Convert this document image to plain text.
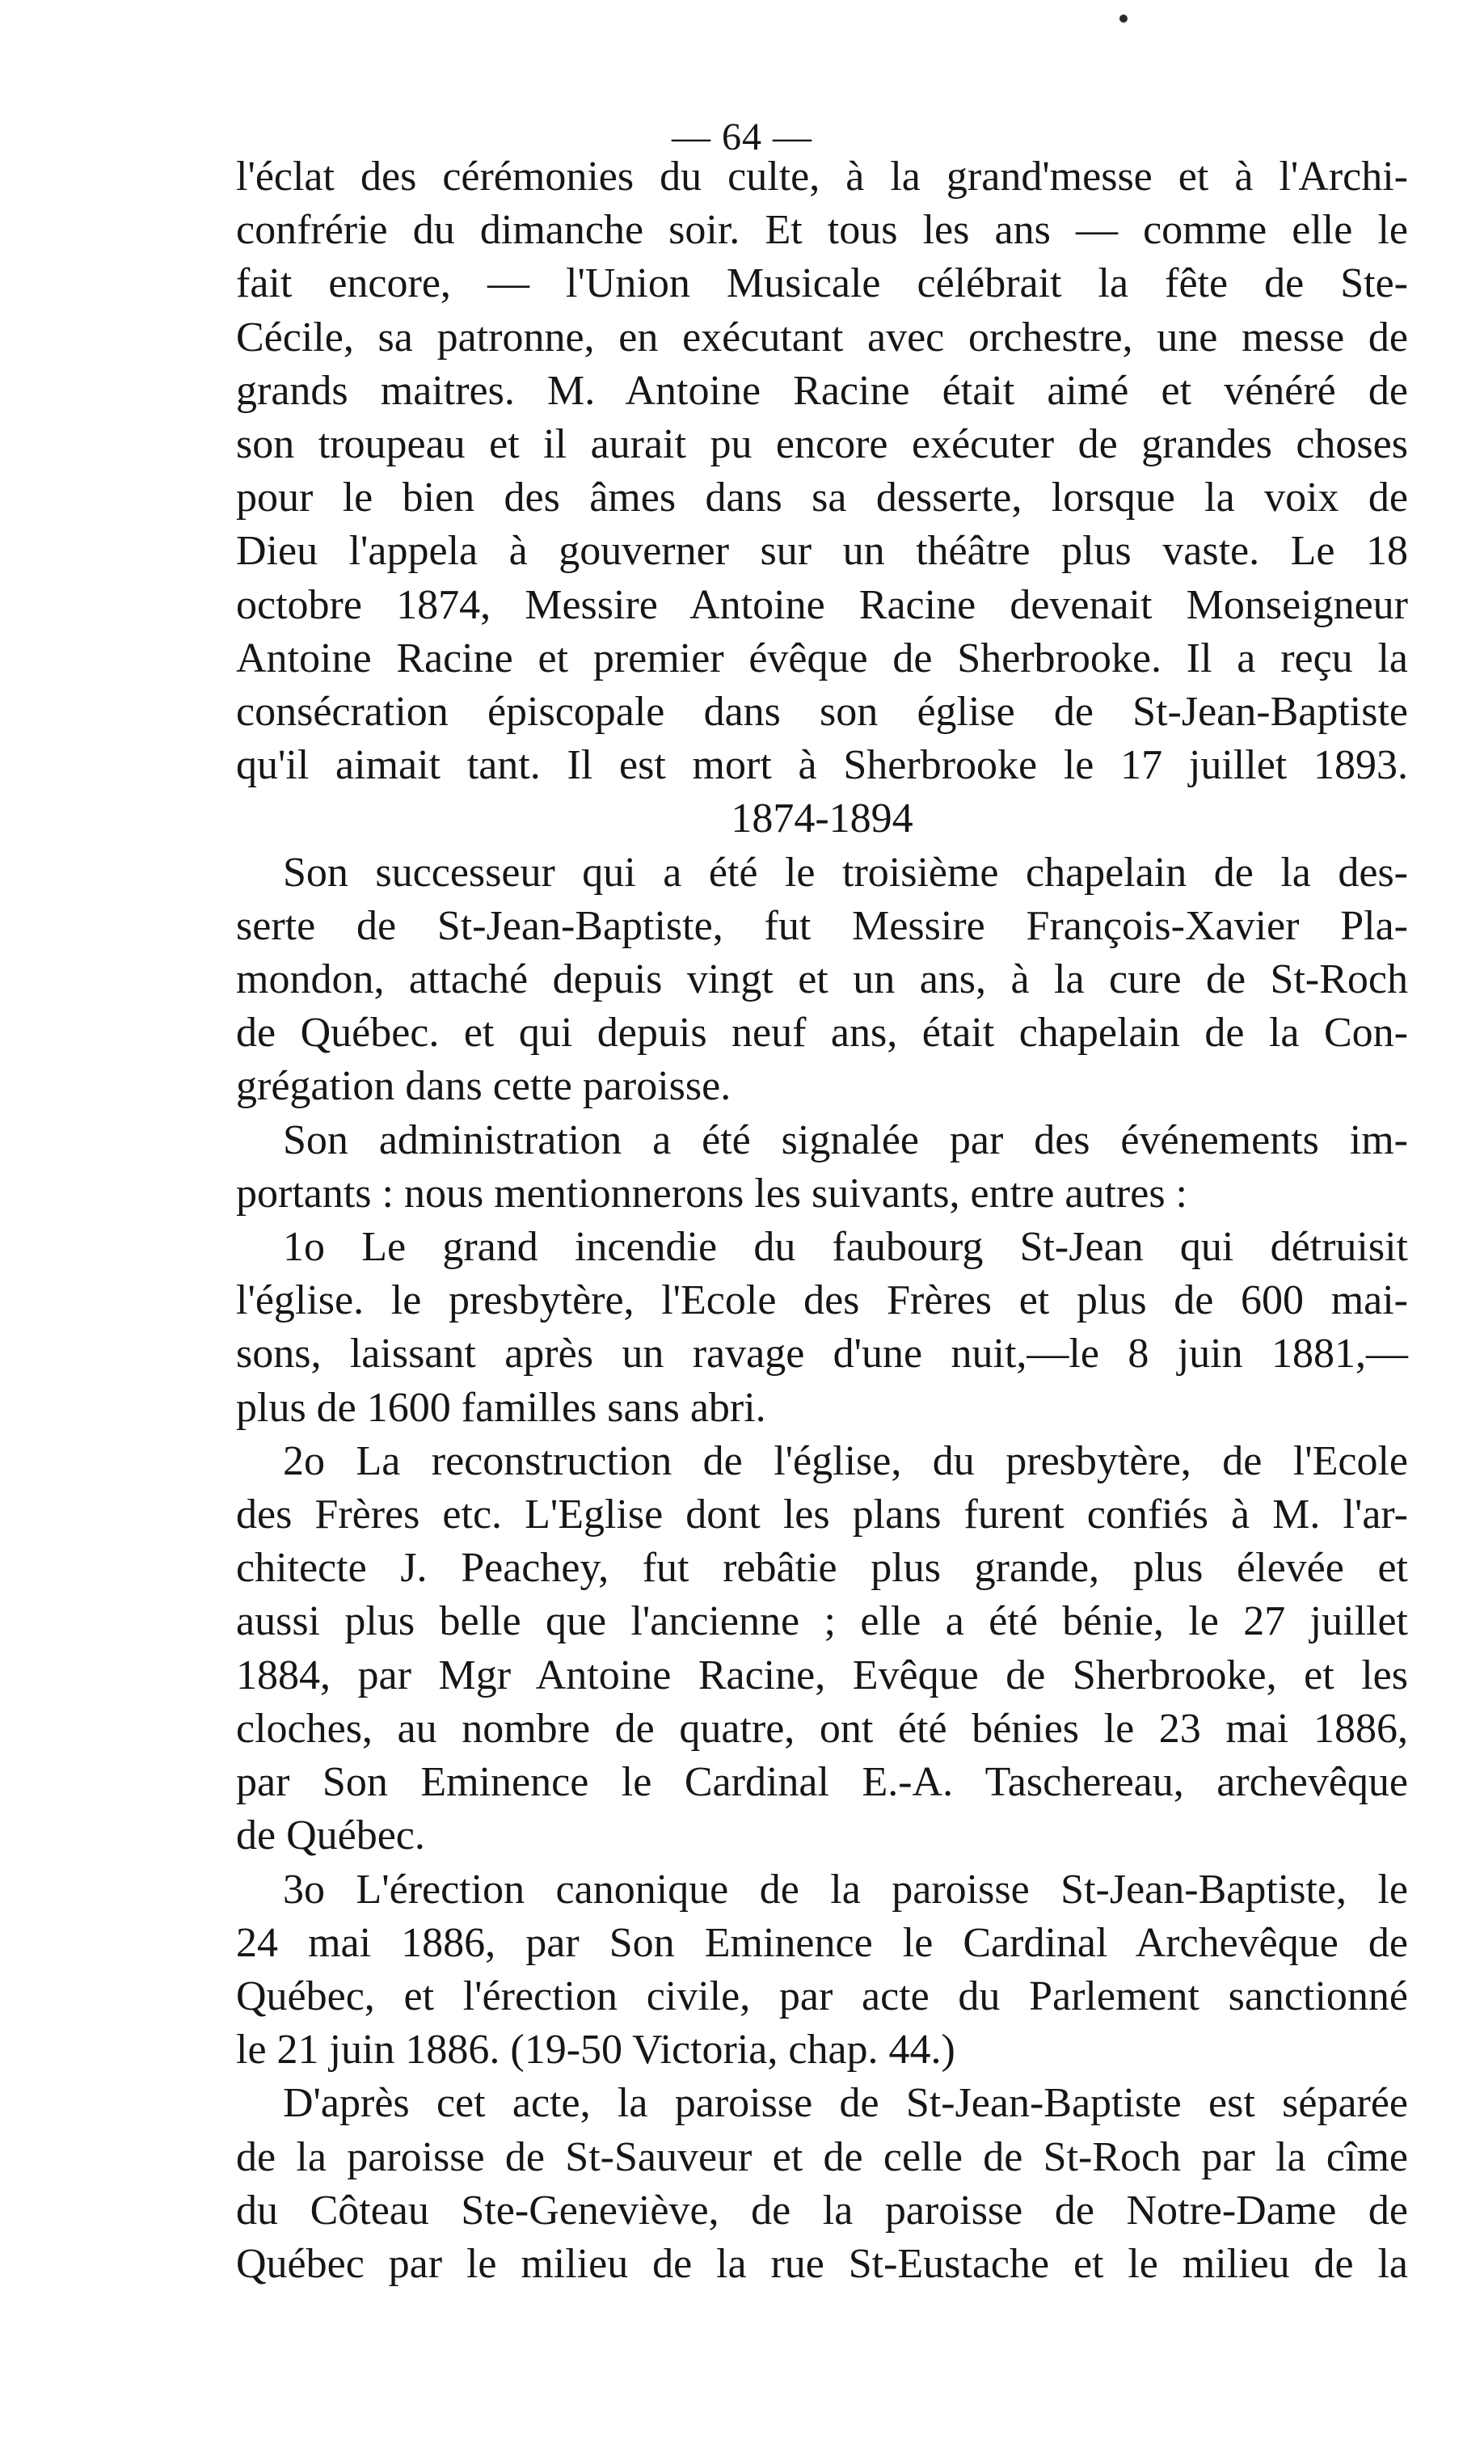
— 64 —
l'éclat des cérémonies du culte, à la grand'messe et à l'Archi-
confrérie du dimanche soir. Et tous les ans — comme elle le
fait encore, — l'Union Musicale célébrait la fête de Ste-
Cécile, sa patronne, en exécutant avec orchestre, une messe de
grands maitres. M. Antoine Racine était aimé et vénéré de
son troupeau et il aurait pu encore exécuter de grandes choses
pour le bien des âmes dans sa desserte, lorsque la voix de
Dieu l'appela à gouverner sur un théâtre plus vaste. Le 18
octobre 1874, Messire Antoine Racine devenait Monseigneur
Antoine Racine et premier évêque de Sherbrooke. Il a reçu la
consécration épiscopale dans son église de St-Jean-Baptiste
qu'il aimait tant. Il est mort à Sherbrooke le 17 juillet 1893.
1874-1894
Son successeur qui a été le troisième chapelain de la des-
serte de St-Jean-Baptiste, fut Messire François-Xavier Pla-
mondon, attaché depuis vingt et un ans, à la cure de St-Roch
de Québec. et qui depuis neuf ans, était chapelain de la Con-
grégation dans cette paroisse.
Son administration a été signalée par des événements im-
portants : nous mentionnerons les suivants, entre autres :
1o Le grand incendie du faubourg St-Jean qui détruisit
l'église. le presbytère, l'Ecole des Frères et plus de 600 mai-
sons, laissant après un ravage d'une nuit,—le 8 juin 1881,—
plus de 1600 familles sans abri.
2o La reconstruction de l'église, du presbytère, de l'Ecole
des Frères etc. L'Eglise dont les plans furent confiés à M. l'ar-
chitecte J. Peachey, fut rebâtie plus grande, plus élevée et
aussi plus belle que l'ancienne ; elle a été bénie, le 27 juillet
1884, par Mgr Antoine Racine, Evêque de Sherbrooke, et les
cloches, au nombre de quatre, ont été bénies le 23 mai 1886,
par Son Eminence le Cardinal E.-A. Taschereau, archevêque
de Québec.
3o L'érection canonique de la paroisse St-Jean-Baptiste, le
24 mai 1886, par Son Eminence le Cardinal Archevêque de
Québec, et l'érection civile, par acte du Parlement sanctionné
le 21 juin 1886. (19-50 Victoria, chap. 44.)
D'après cet acte, la paroisse de St-Jean-Baptiste est séparée
de la paroisse de St-Sauveur et de celle de St-Roch par la cîme
du Côteau Ste-Geneviève, de la paroisse de Notre-Dame de
Québec par le milieu de la rue St-Eustache et le milieu de la
